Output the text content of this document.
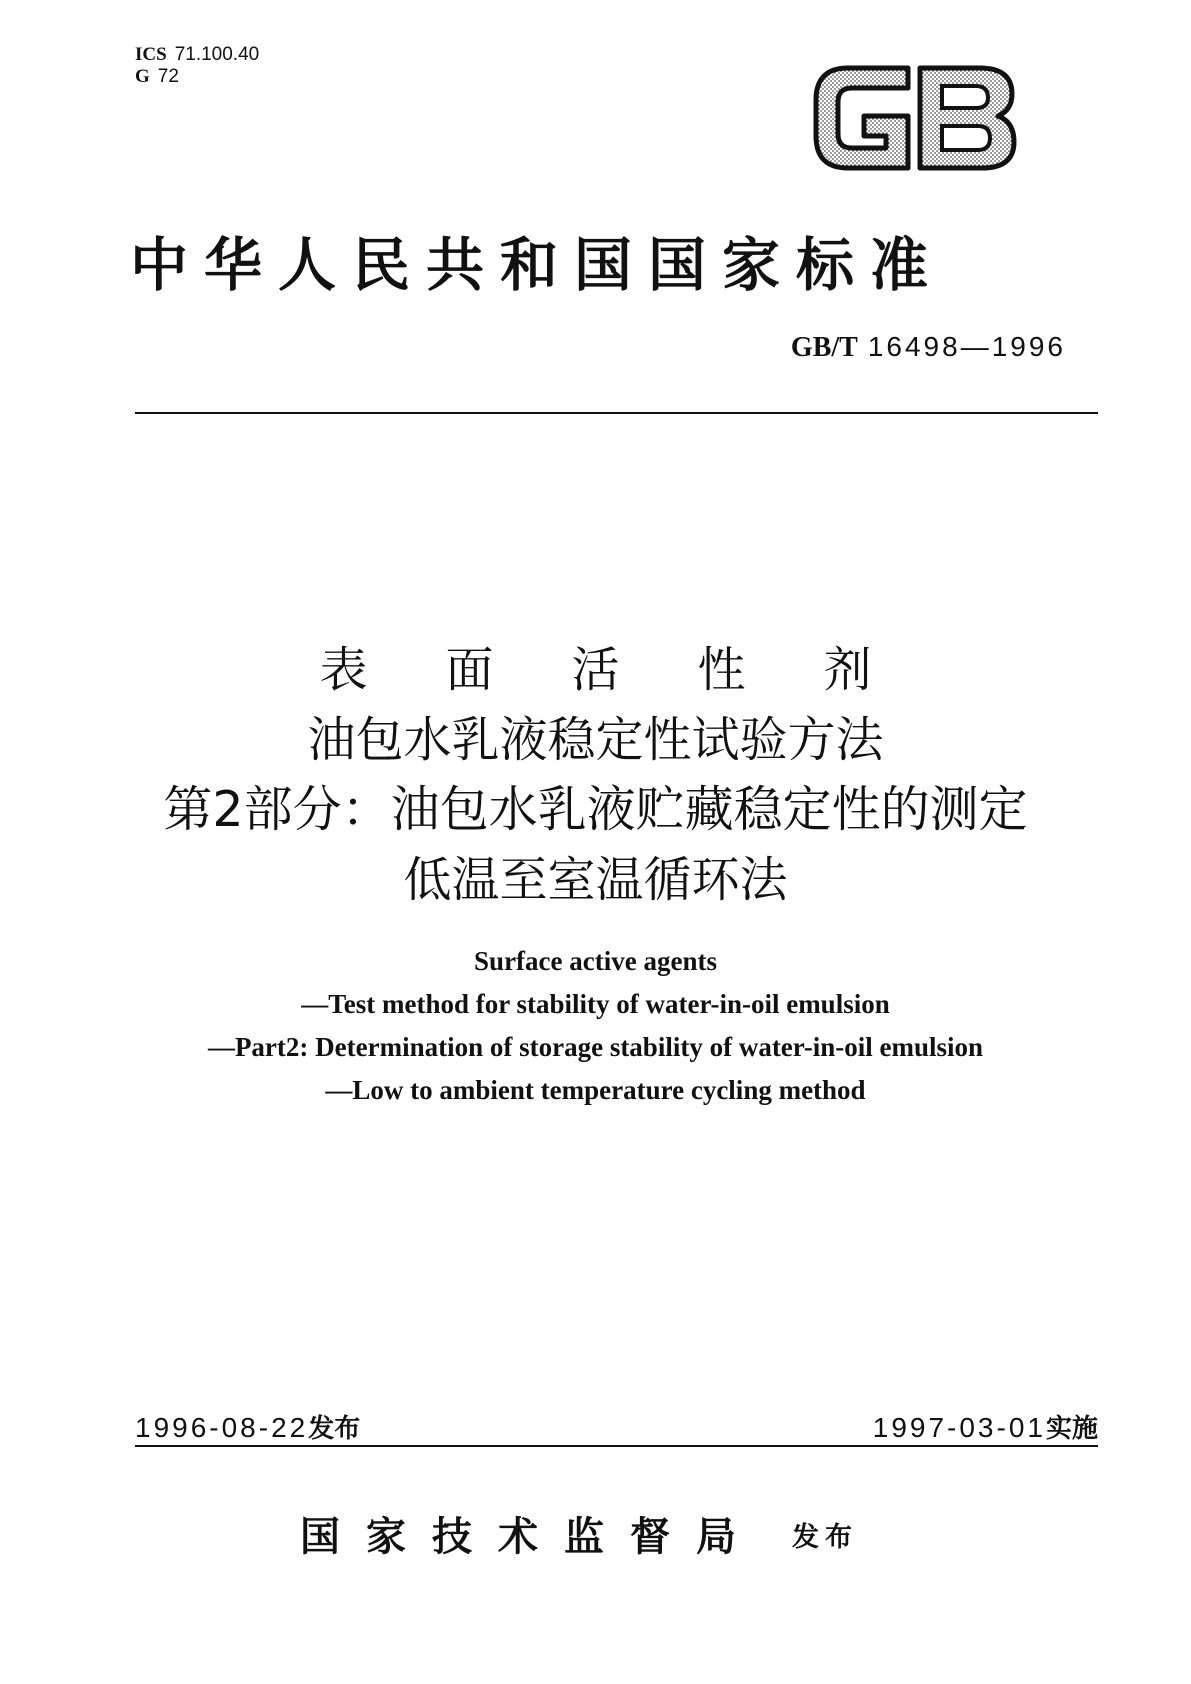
ICS 71.100.40
G 72
GB
中华人民共和国国家标准
GB/T 16498—1996
表面活性剂
油包水乳液稳定性试验方法
第2部分：油包水乳液贮藏稳定性的测定
低温至室温循环法
Surface active agents
—Test method for stability of water-in-oil emulsion
—Part2: Determination of storage stability of water-in-oil emulsion
—Low to ambient temperature cycling method
1996-08-22发布	1997-03-01实施
国家技术监督局 发布
